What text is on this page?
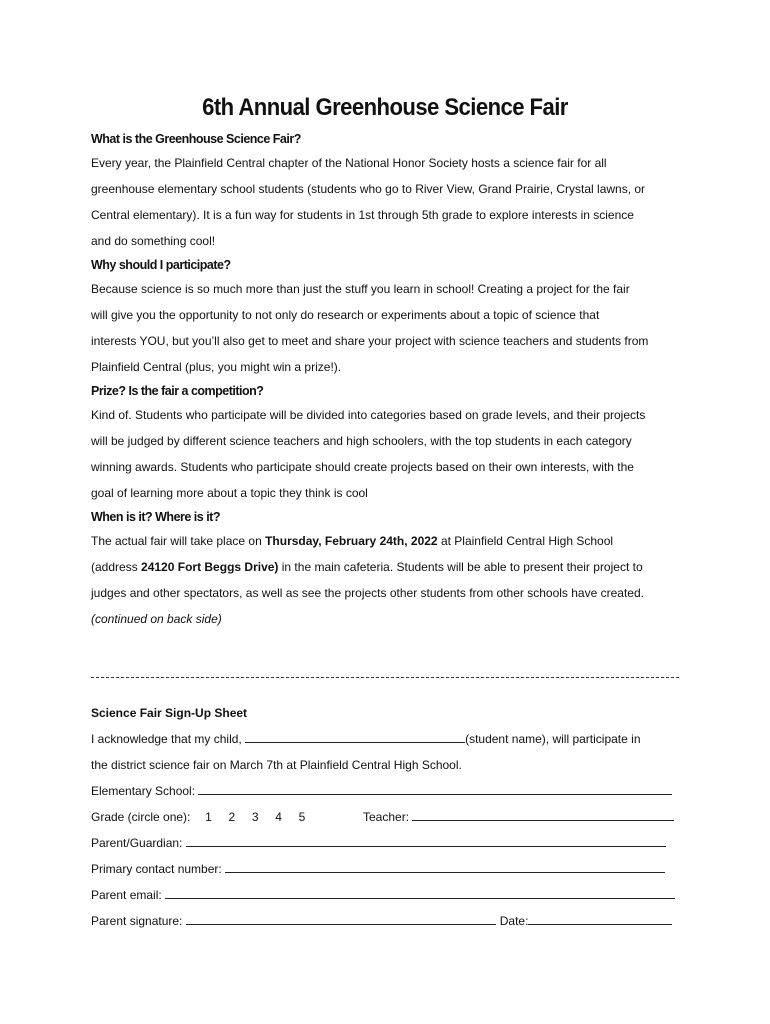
6th Annual Greenhouse Science Fair
What is the Greenhouse Science Fair?
Every year, the Plainfield Central chapter of the National Honor Society hosts a science fair for all
greenhouse elementary school students (students who go to River View, Grand Prairie, Crystal lawns, or
Central elementary). It is a fun way for students in 1st through 5th grade to explore interests in science
and do something cool!
Why should I participate?
Because science is so much more than just the stuff you learn in school! Creating a project for the fair
will give you the opportunity to not only do research or experiments about a topic of science that
interests YOU, but you’ll also get to meet and share your project with science teachers and students from
Plainfield Central (plus, you might win a prize!).
Prize? Is the fair a competition?
Kind of. Students who participate will be divided into categories based on grade levels, and their projects
will be judged by different science teachers and high schoolers, with the top students in each category
winning awards. Students who participate should create projects based on their own interests, with the
goal of learning more about a topic they think is cool
When is it? Where is it?
The actual fair will take place on Thursday, February 24th, 2022 at Plainfield Central High School
(address 24120 Fort Beggs Drive) in the main cafeteria. Students will be able to present their project to
judges and other spectators, as well as see the projects other students from other schools have created.
(continued on back side)
Science Fair Sign-Up Sheet
I acknowledge that my child,	(student name), will participate in
the district science fair on March 7th at Plainfield Central High School.
Elementary School:
Grade (circle one): 1 2 3 4 5	Teacher:
Parent/Guardian:
Primary contact number:
Parent email:
Parent signature:	Date:
